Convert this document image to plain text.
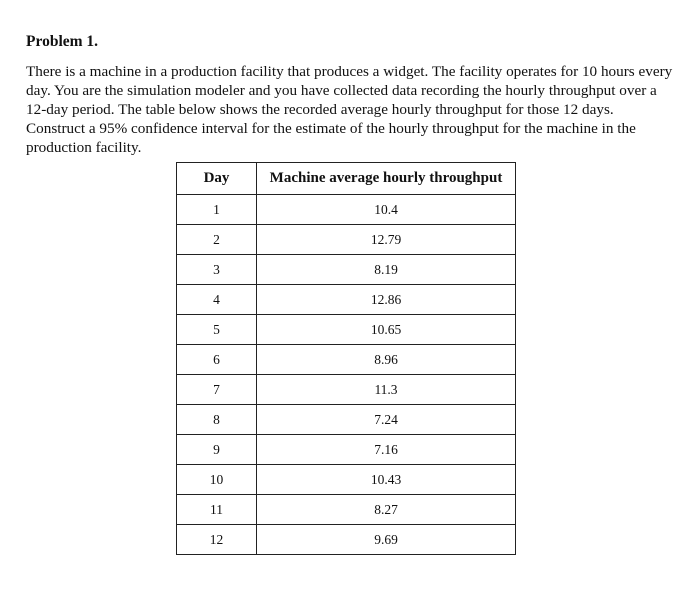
Problem 1.

There is a machine in a production facility that produces a widget. The facility operates for 10 hours every day. You are the simulation modeler and you have collected data recording the hourly throughput over a 12-day period. The table below shows the recorded average hourly throughput for those 12 days. Construct a 95% confidence interval for the estimate of the hourly throughput for the machine in the production facility.

Day	Machine average hourly throughput
1	10.4
2	12.79
3	8.19
4	12.86
5	10.65
6	8.96
7	11.3
8	7.24
9	7.16
10	10.43
11	8.27
12	9.69
